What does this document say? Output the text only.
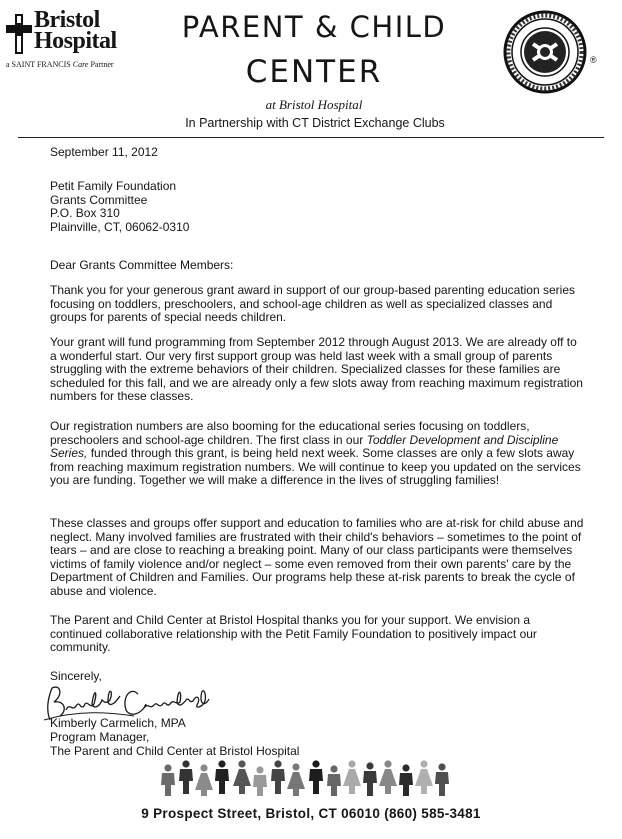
Bristol
Hospital
a SAINT FRANCIS Care Partner
PARENT & CHILD
CENTER
at Bristol Hospital
In Partnership with CT District Exchange Clubs
®
September 11, 2012
Petit Family Foundation
Grants Committee
P.O. Box 310
Plainville, CT, 06062-0310
Dear Grants Committee Members:

Thank you for your generous grant award in support of our group-based parenting education series focusing on toddlers, preschoolers, and school-age children as well as specialized classes and groups for parents of special needs children.

Your grant will fund programming from September 2012 through August 2013. We are already off to a wonderful start. Our very first support group was held last week with a small group of parents struggling with the extreme behaviors of their children. Specialized classes for these families are scheduled for this fall, and we are already only a few slots away from reaching maximum registration numbers for these classes.

Our registration numbers are also booming for the educational series focusing on toddlers, preschoolers and school-age children. The first class in our Toddler Development and Discipline Series, funded through this grant, is being held next week. Some classes are only a few slots away from reaching maximum registration numbers. We will continue to keep you updated on the services you are funding. Together we will make a difference in the lives of struggling families!

These classes and groups offer support and education to families who are at-risk for child abuse and neglect. Many involved families are frustrated with their child's behaviors – sometimes to the point of tears – and are close to reaching a breaking point. Many of our class participants were themselves victims of family violence and/or neglect – some even removed from their own parents' care by the Department of Children and Families. Our programs help these at-risk parents to break the cycle of abuse and violence.

The Parent and Child Center at Bristol Hospital thanks you for your support. We envision a continued collaborative relationship with the Petit Family Foundation to positively impact our community.

Sincerely,
Kimberly Carmelich, MPA
Program Manager,
The Parent and Child Center at Bristol Hospital
9 Prospect Street, Bristol, CT 06010 (860) 585-3481
